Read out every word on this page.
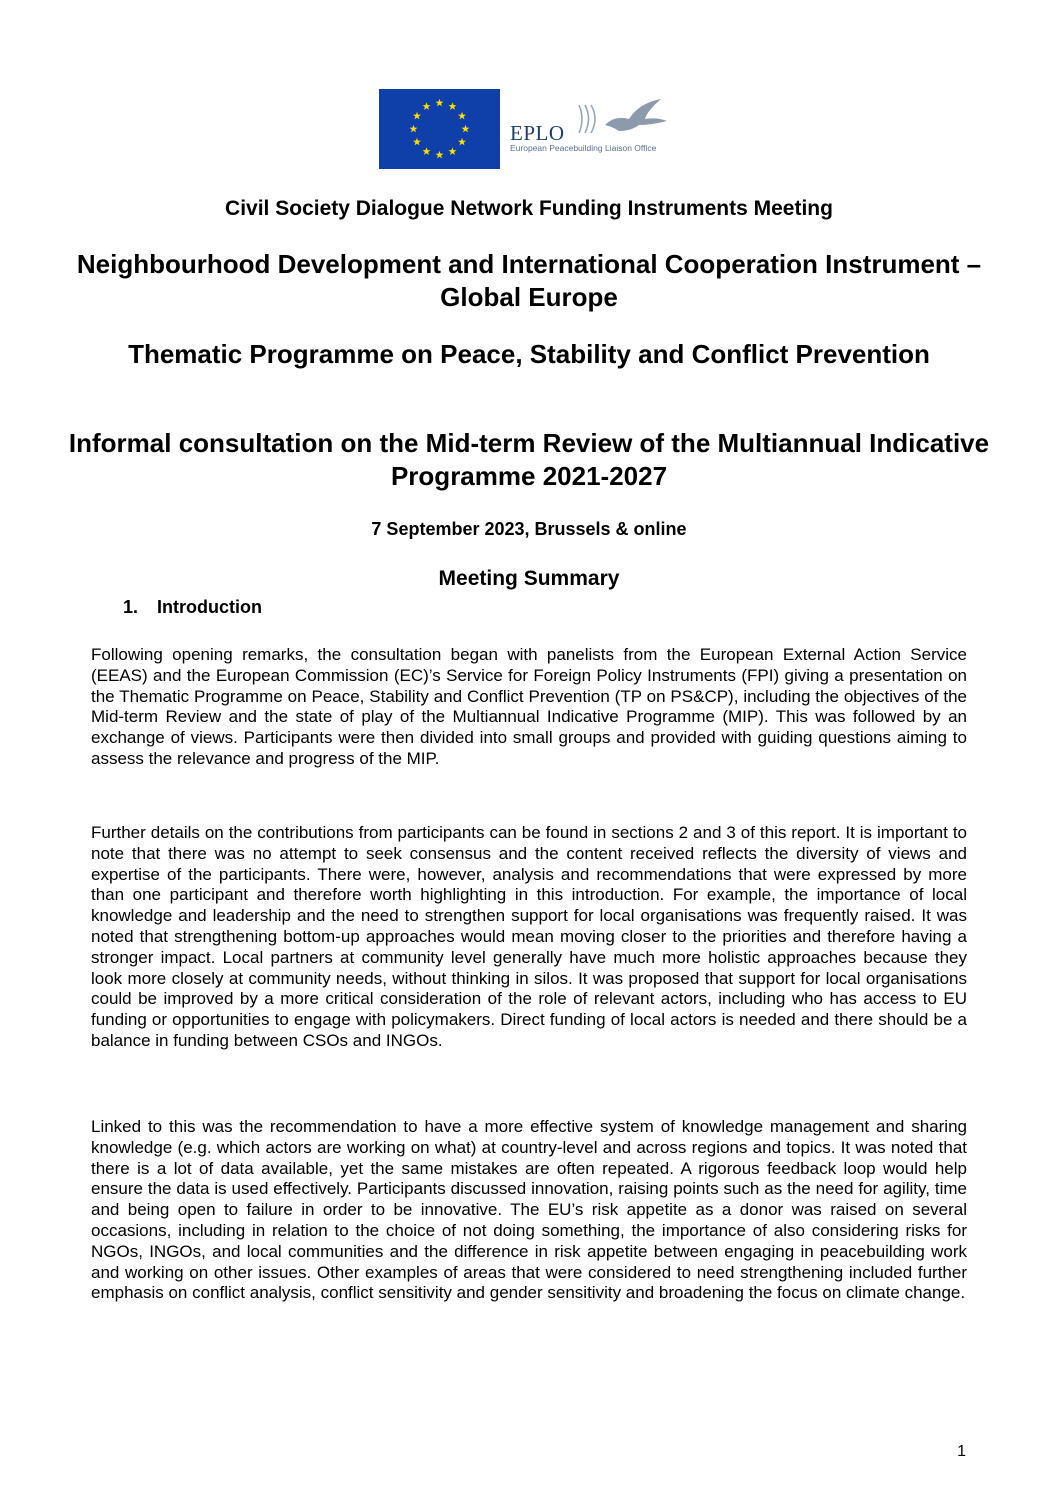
EPLO
European Peacebuilding Liaison Office
Civil Society Dialogue Network Funding Instruments Meeting
Neighbourhood Development and International Cooperation Instrument – Global Europe
Thematic Programme on Peace, Stability and Conflict Prevention
Informal consultation on the Mid-term Review of the Multiannual Indicative Programme 2021-2027
7 September 2023, Brussels & online
Meeting Summary
1. Introduction

Following opening remarks, the consultation began with panelists from the European External Action Service (EEAS) and the European Commission (EC)’s Service for Foreign Policy Instruments (FPI) giving a presentation on the Thematic Programme on Peace, Stability and Conflict Prevention (TP on PS&CP), including the objectives of the Mid-term Review and the state of play of the Multiannual Indicative Programme (MIP). This was followed by an exchange of views. Participants were then divided into small groups and provided with guiding questions aiming to assess the relevance and progress of the MIP.

Further details on the contributions from participants can be found in sections 2 and 3 of this report. It is important to note that there was no attempt to seek consensus and the content received reflects the diversity of views and expertise of the participants. There were, however, analysis and recommendations that were expressed by more than one participant and therefore worth highlighting in this introduction. For example, the importance of local knowledge and leadership and the need to strengthen support for local organisations was frequently raised. It was noted that strengthening bottom-up approaches would mean moving closer to the priorities and therefore having a stronger impact. Local partners at community level generally have much more holistic approaches because they look more closely at community needs, without thinking in silos. It was proposed that support for local organisations could be improved by a more critical consideration of the role of relevant actors, including who has access to EU funding or opportunities to engage with policymakers. Direct funding of local actors is needed and there should be a balance in funding between CSOs and INGOs.

Linked to this was the recommendation to have a more effective system of knowledge management and sharing knowledge (e.g. which actors are working on what) at country-level and across regions and topics. It was noted that there is a lot of data available, yet the same mistakes are often repeated. A rigorous feedback loop would help ensure the data is used effectively. Participants discussed innovation, raising points such as the need for agility, time and being open to failure in order to be innovative. The EU’s risk appetite as a donor was raised on several occasions, including in relation to the choice of not doing something, the importance of also considering risks for NGOs, INGOs, and local communities and the difference in risk appetite between engaging in peacebuilding work and working on other issues. Other examples of areas that were considered to need strengthening included further emphasis on conflict analysis, conflict sensitivity and gender sensitivity and broadening the focus on climate change.

1
